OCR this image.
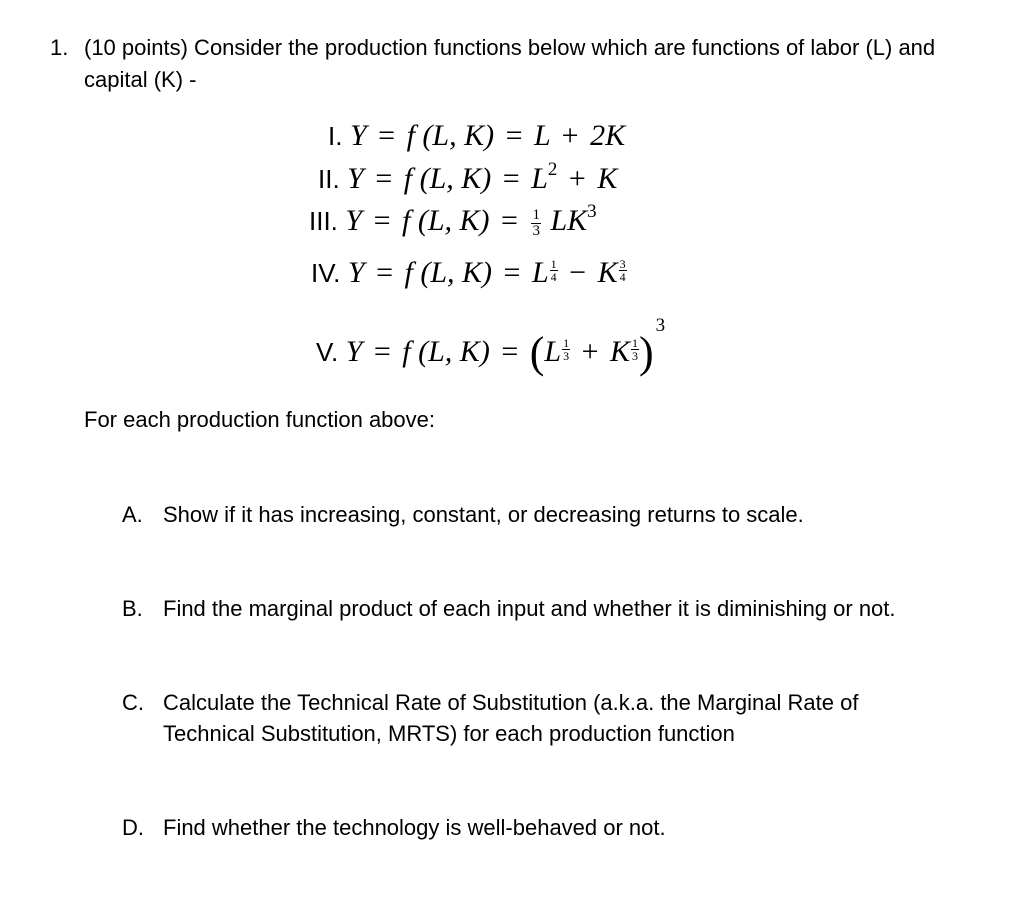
1. (10 points) Consider the production functions below which are functions of labor (L) and
capital (K) -
I. Y = f (L, K) = L + 2K
II. Y = f (L, $K) = L^2 + K$
III. Y = f (L, $K) = \frac{1}{3} LK^3$
IV. Y = f (L, K) = L $\frac{1}{4} - K \frac{3}{4}$
V. Y = f (L, $K) = (L \frac{1}{3} + K \frac{1}{3} )^3$
For each production function above:
A. Show if it has increasing, constant, or decreasing returns to scale.
B. Find the marginal product of each input and whether it is diminishing or not.
C. Calculate the Technical Rate of Substitution (a.k.a. the Marginal Rate of
Technical Substitution, MRTS) for each production function
D. Find whether the technology is well-behaved or not.
